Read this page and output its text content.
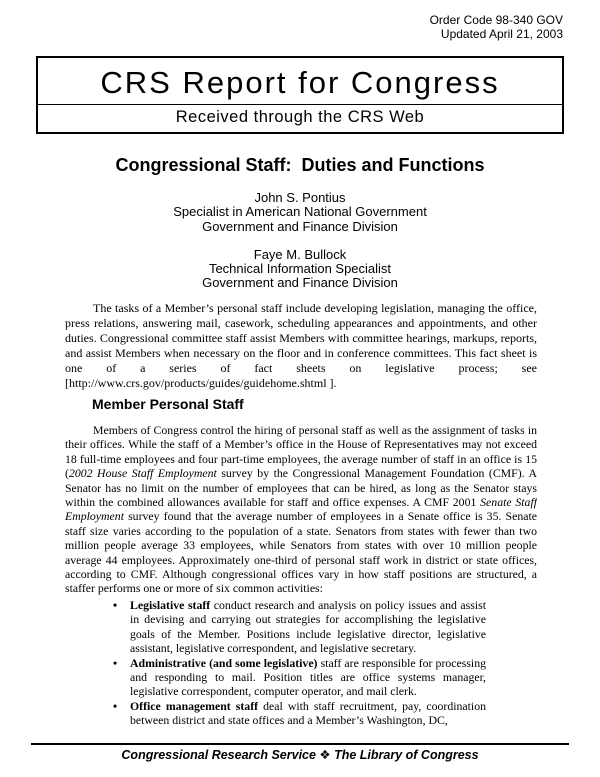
Order Code 98-340 GOV
Updated April 21, 2003
CRS Report for Congress
Received through the CRS Web
Congressional Staff:  Duties and Functions
John S. Pontius
Specialist in American National Government
Government and Finance Division
Faye M. Bullock
Technical Information Specialist
Government and Finance Division
The tasks of a Member’s personal staff include developing legislation, managing the office, press relations, answering mail, casework, scheduling appearances and appointments, and other duties. Congressional committee staff assist Members with committee hearings, markups, reports, and assist Members when necessary on the floor and in conference committees. This fact sheet is one of a series of fact sheets on legislative process; see [http://www.crs.gov/products/guides/guidehome.shtml ].
Member Personal Staff

Members of Congress control the hiring of personal staff as well as the assignment of tasks in their offices. While the staff of a Member’s office in the House of Representatives may not exceed 18 full-time employees and four part-time employees, the average number of staff in an office is 15 (2002 House Staff Employment survey by the Congressional Management Foundation (CMF). A Senator has no limit on the number of employees that can be hired, as long as the Senator stays within the combined allowances available for staff and office expenses. A CMF 2001 Senate Staff Employment survey found that the average number of employees in a Senate office is 35. Senate staff size varies according to the population of a state. Senators from states with fewer than two million people average 33 employees, while Senators from states with over 10 million people average 44 employees. Approximately one-third of personal staff work in district or state offices, according to CMF. Although congressional offices vary in how staff positions are structured, a staffer performs one or more of six common activities:

• Legislative staff conduct research and analysis on policy issues and assist in devising and carrying out strategies for accomplishing the legislative goals of the Member. Positions include legislative director, legislative assistant, legislative correspondent, and legislative secretary.
• Administrative (and some legislative) staff are responsible for processing and responding to mail. Position titles are office systems manager, legislative correspondent, computer operator, and mail clerk.
• Office management staff deal with staff recruitment, pay, coordination between district and state offices and a Member’s Washington, DC,
Congressional Research Service ❖ The Library of Congress
